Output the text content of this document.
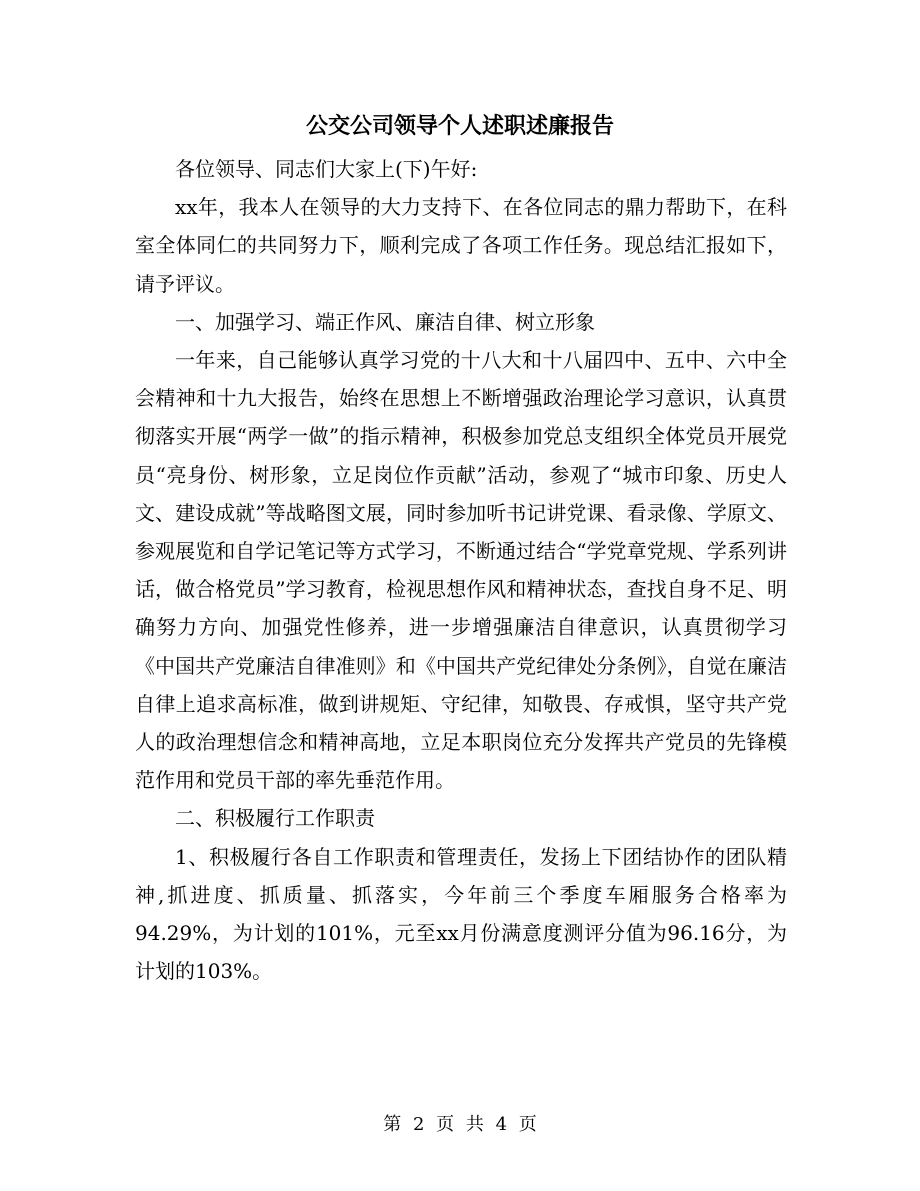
公交公司领导个人述职述廉报告

各位领导、同志们大家上(下)午好:

xx年，我本人在领导的大力支持下、在各位同志的鼎力帮助下，在科室全体同仁的共同努力下，顺利完成了各项工作任务。现总结汇报如下，请予评议。

一、加强学习、端正作风、廉洁自律、树立形象

一年来，自己能够认真学习党的十八大和十八届四中、五中、六中全会精神和十九大报告，始终在思想上不断增强政治理论学习意识，认真贯彻落实开展“两学一做”的指示精神，积极参加党总支组织全体党员开展党员“亮身份、树形象，立足岗位作贡献”活动，参观了“城市印象、历史人文、建设成就”等战略图文展，同时参加听书记讲党课、看录像、学原文、参观展览和自学记笔记等方式学习，不断通过结合“学党章党规、学系列讲话，做合格党员”学习教育，检视思想作风和精神状态，查找自身不足、明确努力方向、加强党性修养，进一步增强廉洁自律意识，认真贯彻学习《中国共产党廉洁自律准则》和《中国共产党纪律处分条例》，自觉在廉洁自律上追求高标准，做到讲规矩、守纪律，知敬畏、存戒惧，坚守共产党人的政治理想信念和精神高地，立足本职岗位充分发挥共产党员的先锋模范作用和党员干部的率先垂范作用。

二、积极履行工作职责

1、积极履行各自工作职责和管理责任，发扬上下团结协作的团队精神,抓进度、抓质量、抓落实，今年前三个季度车厢服务合格率为94.29%，为计划的101%，元至xx月份满意度测评分值为96.16分，为计划的103%。

第 2 页 共 4 页
